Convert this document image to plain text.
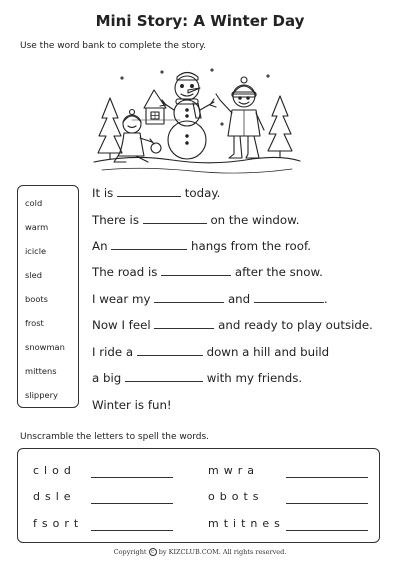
Mini Story: A Winter Day
Use the word bank to complete the story.
cold
warm
icicle
sled
boots
frost
snowman
mittens
slippery
It is	today.
There is	on the window.
An	hangs from the roof.
The road is	after the snow.
I wear my	and	.
Now I feel	and ready to play outside.
I ride a	down a hill and build
a big	with my friends.
Winter is fun!
Unscramble the letters to spell the words.
clod	mwra
dsle	obots
fsort	mtitnes
Copyright c by KIZCLUB.COM. All rights reserved.
